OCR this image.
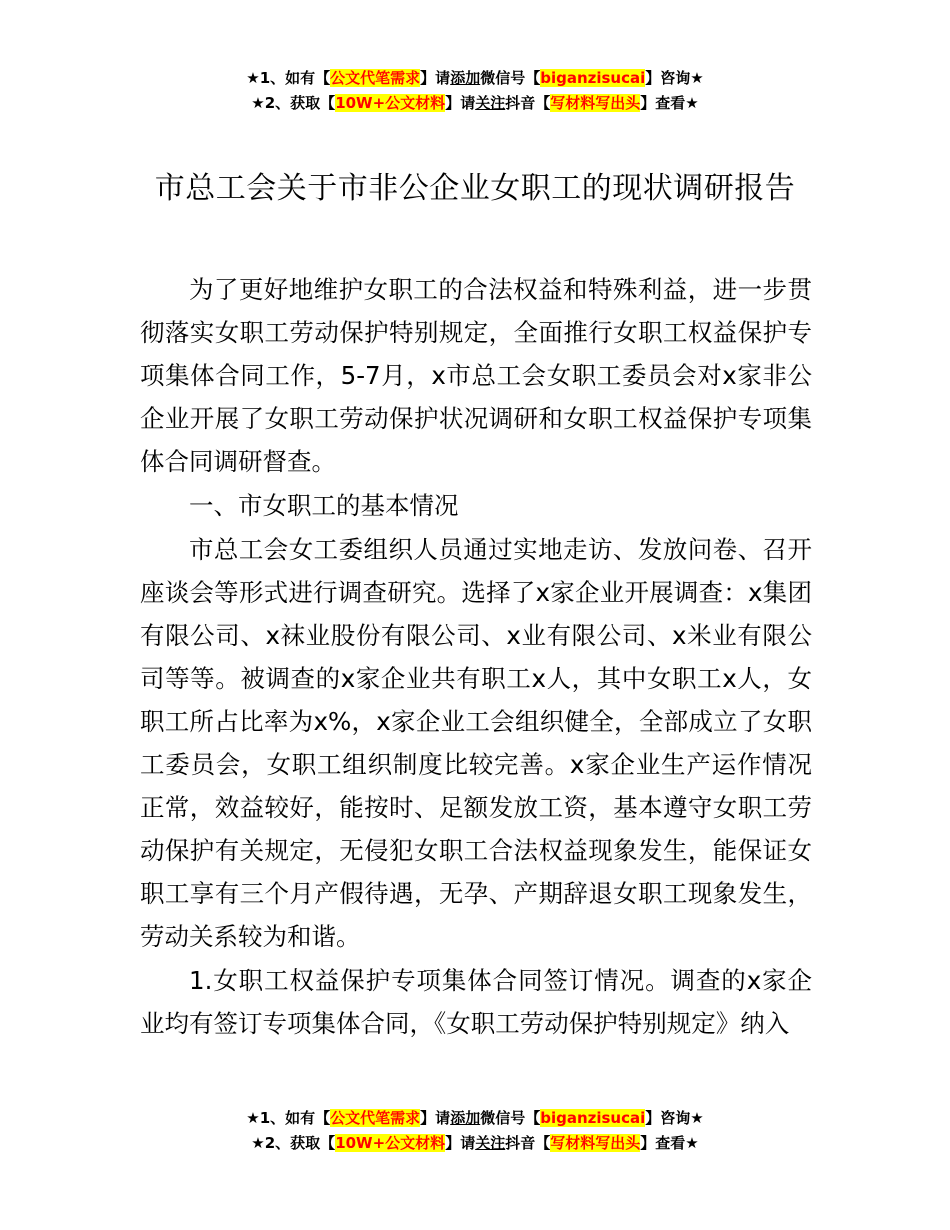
★1、如有【公文代笔需求】请添加微信号【biganzisucai】咨询★
★2、获取【10W+公文材料】请关注抖音【写材料写出头】查看★
市总工会关于市非公企业女职工的现状调研报告

为了更好地维护女职工的合法权益和特殊利益，进一步贯彻落实女职工劳动保护特别规定，全面推行女职工权益保护专项集体合同工作，5-7月，x市总工会女职工委员会对x家非公企业开展了女职工劳动保护状况调研和女职工权益保护专项集体合同调研督查。

一、市女职工的基本情况

市总工会女工委组织人员通过实地走访、发放问卷、召开座谈会等形式进行调查研究。选择了x家企业开展调查：x集团有限公司、x袜业股份有限公司、x业有限公司、x米业有限公司等等。被调查的x家企业共有职工x人，其中女职工x人，女职工所占比率为x%，x家企业工会组织健全，全部成立了女职工委员会，女职工组织制度比较完善。x家企业生产运作情况正常，效益较好，能按时、足额发放工资，基本遵守女职工劳动保护有关规定，无侵犯女职工合法权益现象发生，能保证女职工享有三个月产假待遇，无孕、产期辞退女职工现象发生，劳动关系较为和谐。

1.女职工权益保护专项集体合同签订情况。调查的x家企业均有签订专项集体合同，《女职工劳动保护特别规定》纳入

★1、如有【公文代笔需求】请添加微信号【biganzisucai】咨询★
★2、获取【10W+公文材料】请关注抖音【写材料写出头】查看★
